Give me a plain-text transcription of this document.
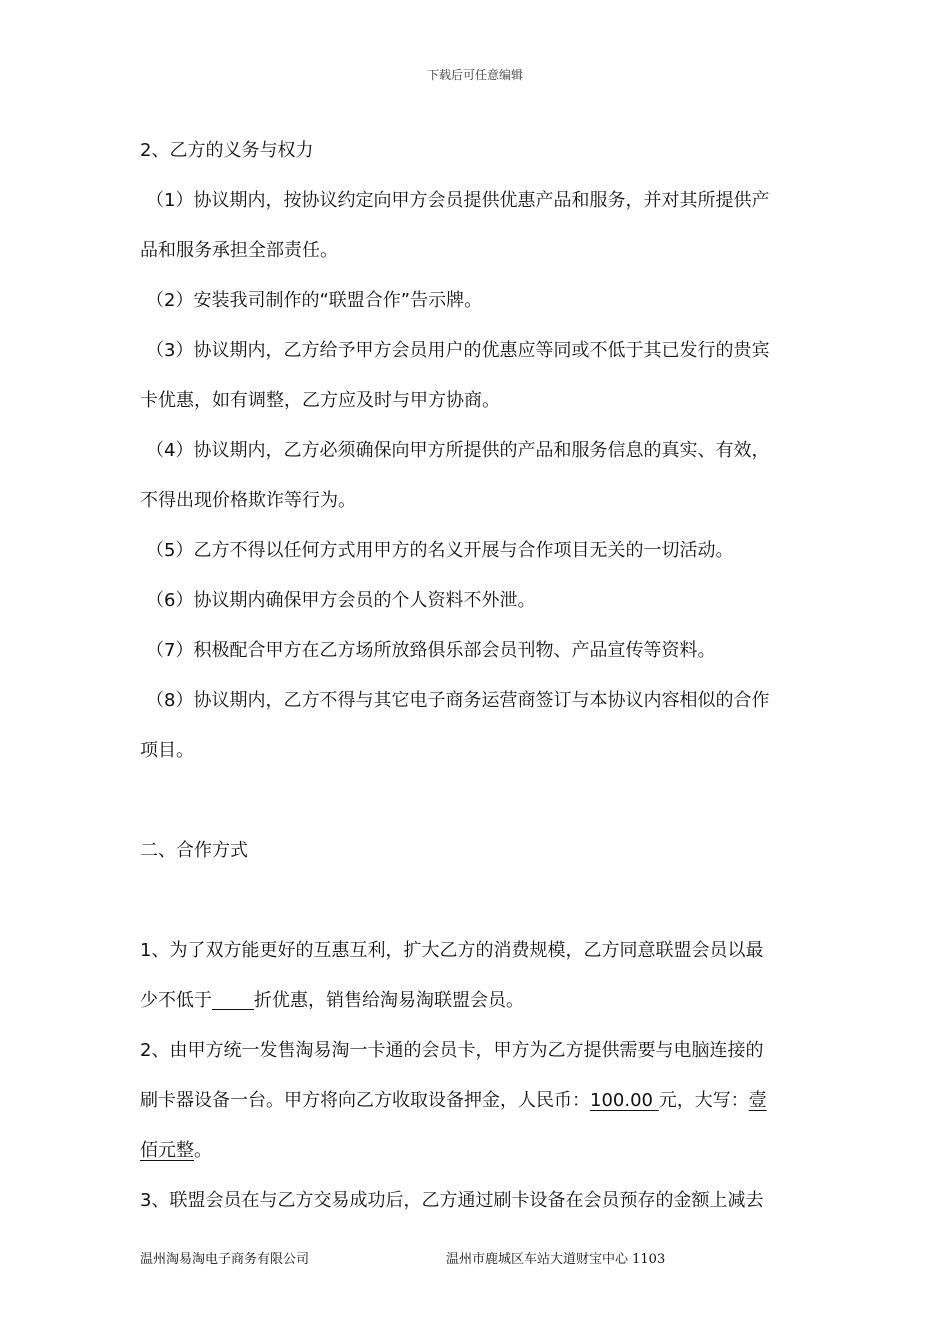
下载后可任意编辑
2、乙方的义务与权力
（1）协议期内，按协议约定向甲方会员提供优惠产品和服务，并对其所提供产
品和服务承担全部责任。
（2）安装我司制作的“联盟合作”告示牌。
（3）协议期内，乙方给予甲方会员用户的优惠应等同或不低于其已发行的贵宾
卡优惠，如有调整，乙方应及时与甲方协商。
（4）协议期内，乙方必须确保向甲方所提供的产品和服务信息的真实、有效，
不得出现价格欺诈等行为。
（5）乙方不得以任何方式用甲方的名义开展与合作项目无关的一切活动。
（6）协议期内确保甲方会员的个人资料不外泄。
（7）积极配合甲方在乙方场所放臵俱乐部会员刊物、产品宣传等资料。
（8）协议期内，乙方不得与其它电子商务运营商签订与本协议内容相似的合作
项目。
二、合作方式
1、为了双方能更好的互惠互利，扩大乙方的消费规模，乙方同意联盟会员以最
少不低于 折优惠，销售给淘易淘联盟会员。
2、由甲方统一发售淘易淘一卡通的会员卡，甲方为乙方提供需要与电脑连接的
刷卡器设备一台。甲方将向乙方收取设备押金，人民币：100.00 元，大写：壹
佰元整。
3、联盟会员在与乙方交易成功后，乙方通过刷卡设备在会员预存的金额上减去
温州淘易淘电子商务有限公司	温州市鹿城区车站大道财宝中心 1103
